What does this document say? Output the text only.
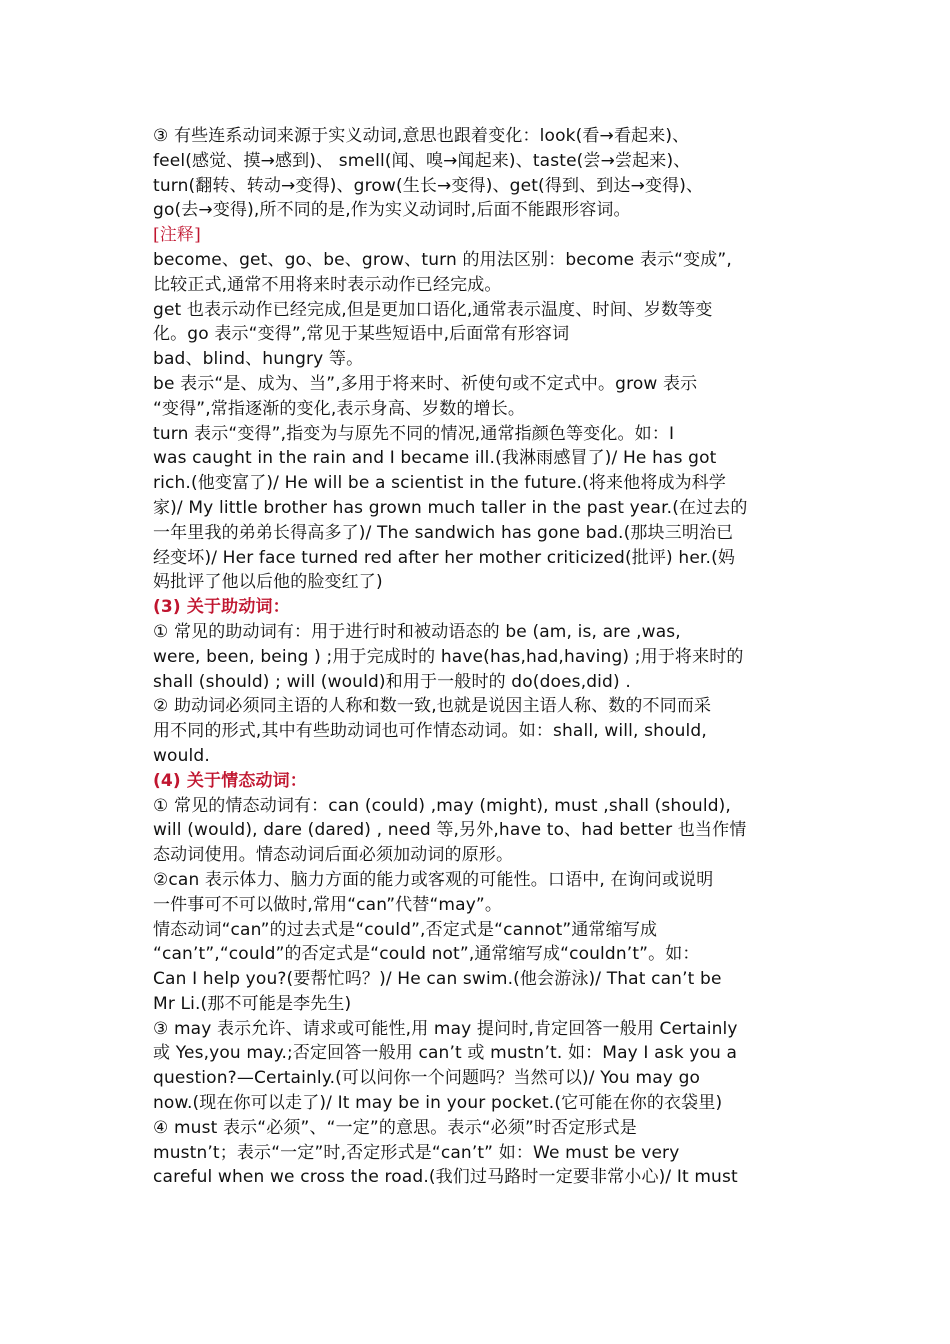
③ 有些连系动词来源于实义动词,意思也跟着变化：look(看→看起来)、
feel(感觉、摸→感到)、 smell(闻、嗅→闻起来)、taste(尝→尝起来)、
turn(翻转、转动→变得)、grow(生长→变得)、get(得到、到达→变得)、
go(去→变得),所不同的是,作为实义动词时,后面不能跟形容词。
[注释]
become、get、go、be、grow、turn 的用法区别：become 表示“变成”,
比较正式,通常不用将来时表示动作已经完成。
get 也表示动作已经完成,但是更加口语化,通常表示温度、时间、岁数等变
化。go 表示“变得”,常见于某些短语中,后面常有形容词
bad、blind、hungry 等。
be 表示“是、成为、当”,多用于将来时、祈使句或不定式中。grow 表示
“变得”,常指逐渐的变化,表示身高、岁数的增长。
turn 表示“变得”,指变为与原先不同的情况,通常指颜色等变化。如：I
was caught in the rain and I became ill.(我淋雨感冒了)/ He has got
rich.(他变富了)/ He will be a scientist in the future.(将来他将成为科学
家)/ My little brother has grown much taller in the past year.(在过去的
一年里我的弟弟长得高多了)/ The sandwich has gone bad.(那块三明治已
经变坏)/ Her face turned red after her mother criticized(批评) her.(妈
妈批评了他以后他的脸变红了)
(3) 关于助动词：
① 常见的助动词有：用于进行时和被动语态的 be (am, is, are ,was,
were, been, being ) ;用于完成时的 have(has,had,having) ;用于将来时的
shall (should) ; will (would)和用于一般时的 do(does,did) .
② 助动词必须同主语的人称和数一致,也就是说因主语人称、数的不同而采
用不同的形式,其中有些助动词也可作情态动词。如：shall, will, should,
would.
(4) 关于情态动词：
① 常见的情态动词有：can (could) ,may (might), must ,shall (should),
will (would), dare (dared) , need 等,另外,have to、had better 也当作情
态动词使用。情态动词后面必须加动词的原形。
②can 表示体力、脑力方面的能力或客观的可能性。口语中, 在询问或说明
一件事可不可以做时,常用“can”代替“may”。
情态动词“can”的过去式是“could”,否定式是“cannot”通常缩写成
“can’t”,“could”的否定式是“could not”,通常缩写成“couldn’t”。如：
Can I help you?(要帮忙吗？)/ He can swim.(他会游泳)/ That can’t be
Mr Li.(那不可能是李先生)
③ may 表示允许、请求或可能性,用 may 提问时,肯定回答一般用 Certainly
或 Yes,you may.;否定回答一般用 can’t 或 mustn’t. 如：May I ask you a
question?—Certainly.(可以问你一个问题吗？当然可以)/ You may go
now.(现在你可以走了)/ It may be in your pocket.(它可能在你的衣袋里)
④ must 表示“必须”、“一定”的意思。表示“必须”时否定形式是
mustn’t；表示“一定”时,否定形式是“can’t” 如：We must be very
careful when we cross the road.(我们过马路时一定要非常小心)/ It must
